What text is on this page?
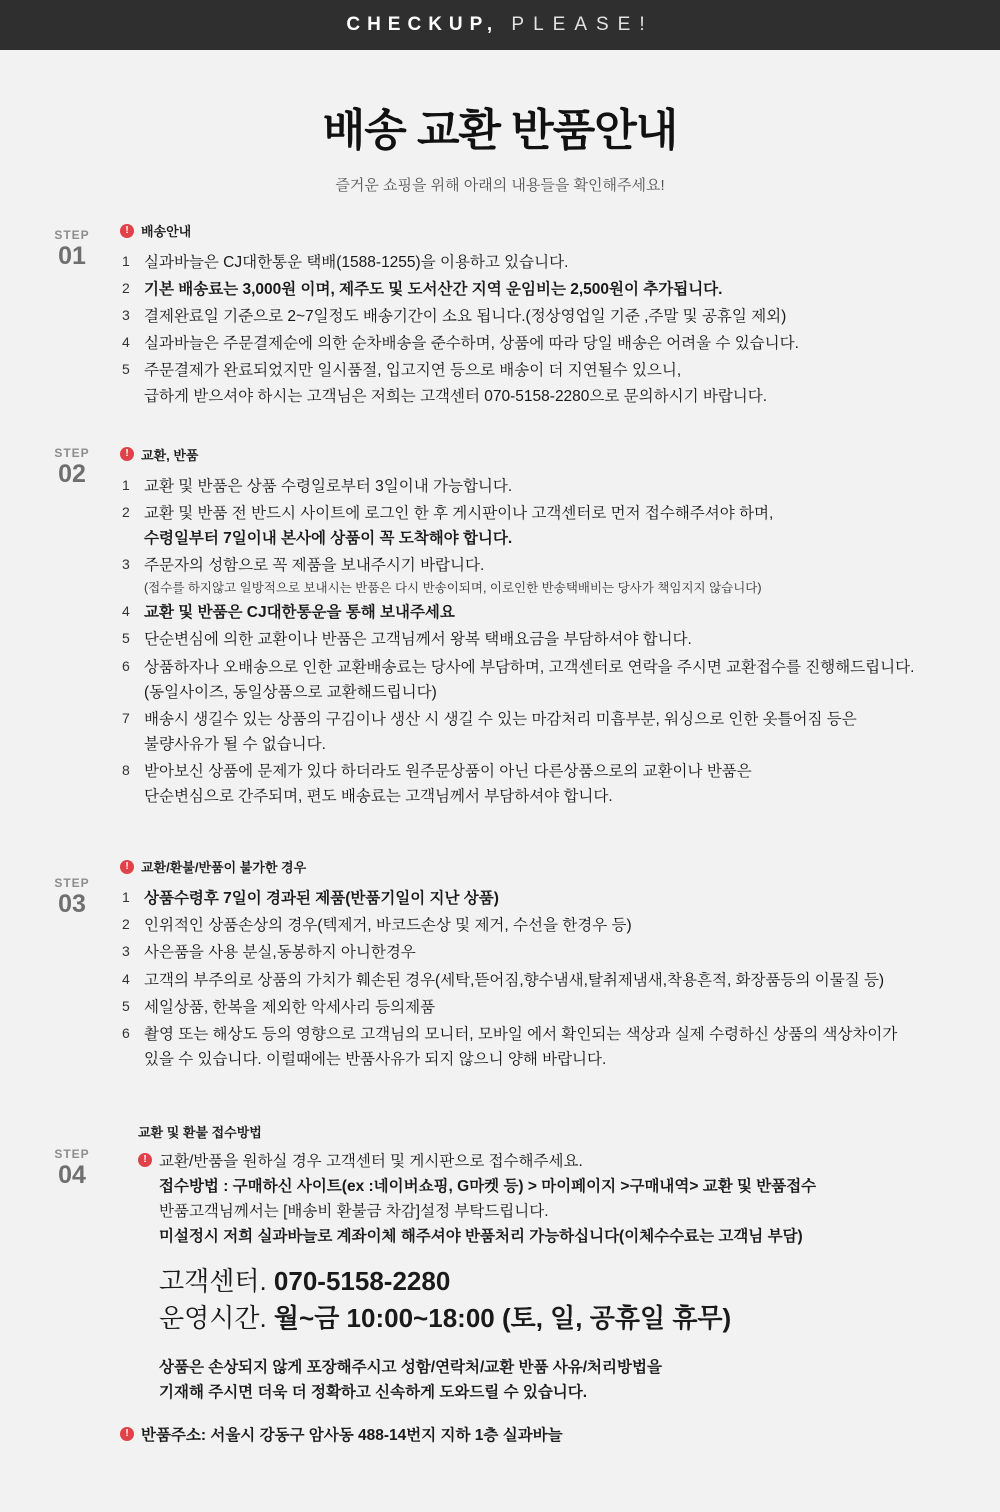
CHECKUP, PLEASE!
배송 교환 반품안내
즐거운 쇼핑을 위해 아래의 내용들을 확인해주세요!
STEP
01
! 배송안내
1 실과바늘은 CJ대한통운 택배(1588-1255)을 이용하고 있습니다.
2 기본 배송료는 3,000원 이며, 제주도 및 도서산간 지역 운임비는 2,500원이 추가됩니다.
3 결제완료일 기준으로 2~7일정도 배송기간이 소요 됩니다.(정상영업일 기준 ,주말 및 공휴일 제외)
4 실과바늘은 주문결제순에 의한 순차배송을 준수하며, 상품에 따라 당일 배송은 어려울 수 있습니다.
5 주문결제가 완료되었지만 일시품절, 입고지연 등으로 배송이 더 지연될수 있으니,
급하게 받으셔야 하시는 고객님은 저희는 고객센터 070-5158-2280으로 문의하시기 바랍니다.
STEP
02
! 교환, 반품
1 교환 및 반품은 상품 수령일로부터 3일이내 가능합니다.
2 교환 및 반품 전 반드시 사이트에 로그인 한 후 게시판이나 고객센터로 먼저 접수해주셔야 하며,
수령일부터 7일이내 본사에 상품이 꼭 도착해야 합니다.
3 주문자의 성함으로 꼭 제품을 보내주시기 바랍니다.
(접수를 하지않고 일방적으로 보내시는 반품은 다시 반송이되며, 이로인한 반송택배비는 당사가 책임지지 않습니다)
4 교환 및 반품은 CJ대한통운을 통해 보내주세요
5 단순변심에 의한 교환이나 반품은 고객님께서 왕복 택배요금을 부담하셔야 합니다.
6 상품하자나 오배송으로 인한 교환배송료는 당사에 부담하며, 고객센터로 연락을 주시면 교환접수를 진행해드립니다.
(동일사이즈, 동일상품으로 교환해드립니다)
7 배송시 생길수 있는 상품의 구김이나 생산 시 생길 수 있는 마감처리 미흡부분, 워싱으로 인한 옷틀어짐 등은
불량사유가 될 수 없습니다.
8 받아보신 상품에 문제가 있다 하더라도 원주문상품이 아닌 다른상품으로의 교환이나 반품은
단순변심으로 간주되며, 편도 배송료는 고객님께서 부담하셔야 합니다.
STEP
03
! 교환/환불/반품이 불가한 경우
1 상품수령후 7일이 경과된 제품(반품기일이 지난 상품)
2 인위적인 상품손상의 경우(텍제거, 바코드손상 및 제거, 수선을 한경우 등)
3 사은품을 사용 분실,동봉하지 아니한경우
4 고객의 부주의로 상품의 가치가 훼손된 경우(세탁,뜯어짐,향수냄새,탈취제냄새,착용흔적, 화장품등의 이물질 등)
5 세일상품, 한복을 제외한 악세사리 등의제품
6 촬영 또는 해상도 등의 영향으로 고객님의 모니터, 모바일 에서 확인되는 색상과 실제 수령하신 상품의 색상차이가
있을 수 있습니다. 이럴때에는 반품사유가 되지 않으니 양해 바랍니다.
STEP
04
교환 및 환불 접수방법
! 교환/반품을 원하실 경우 고객센터 및 게시판으로 접수해주세요.
접수방법 : 구매하신 사이트(ex :네이버쇼핑, G마켓 등) > 마이페이지 >구매내역> 교환 및 반품접수
반품고객님께서는 [배송비 환불금 차감]설정 부탁드립니다.
미설정시 저희 실과바늘로 계좌이체 해주셔야 반품처리 가능하십니다(이체수수료는 고객님 부담)
고객센터. 070-5158-2280
운영시간. 월~금 10:00~18:00 (토, 일, 공휴일 휴무)
상품은 손상되지 않게 포장해주시고 성함/연락처/교환 반품 사유/처리방법을
기재해 주시면 더욱 더 정확하고 신속하게 도와드릴 수 있습니다.
! 반품주소: 서울시 강동구 암사동 488-14번지 지하 1층 실과바늘
